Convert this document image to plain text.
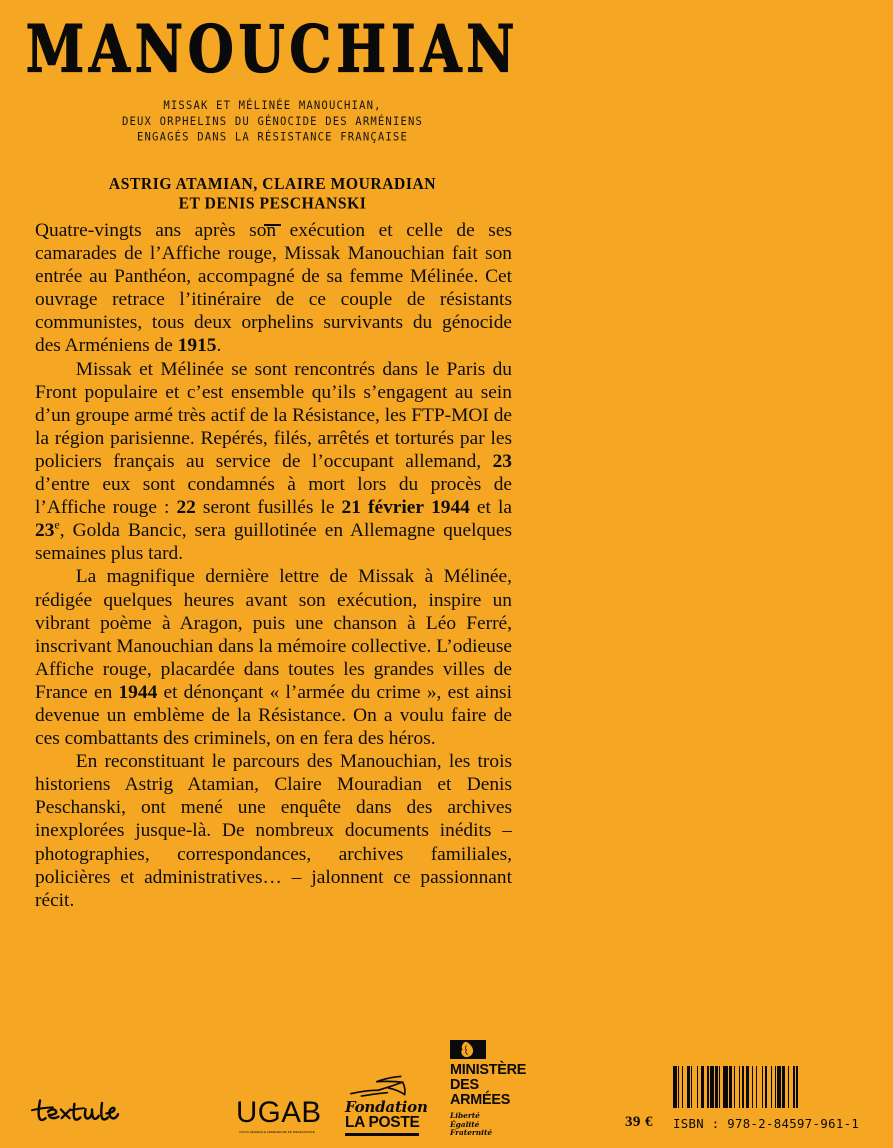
MANOUCHIAN
MISSAK ET MÉLINÉE MANOUCHIAN,
DEUX ORPHELINS DU GÉNOCIDE DES ARMÉNIENS
ENGAGÉS DANS LA RÉSISTANCE FRANÇAISE
ASTRIG ATAMIAN, CLAIRE MOURADIAN
ET DENIS PESCHANSKI

Quatre-vingts ans après son exécution et celle de ses camarades de l’Affiche rouge, Missak Manouchian fait son entrée au Panthéon, accompagné de sa femme Mélinée. Cet ouvrage retrace l’itinéraire de ce couple de résistants communistes, tous deux orphelins survivants du génocide des Arméniens de 1915.

Missak et Mélinée se sont rencontrés dans le Paris du Front populaire et c’est ensemble qu’ils s’engagent au sein d’un groupe armé très actif de la Résistance, les FTP-MOI de la région parisienne. Repérés, filés, arrêtés et torturés par les policiers français au service de l’occupant allemand, 23 d’entre eux sont condamnés à mort lors du procès de l’Affiche rouge : 22 seront fusillés le 21 février 1944 et la 23e, Golda Bancic, sera guillotinée en Allemagne quelques semaines plus tard.

La magnifique dernière lettre de Missak à Mélinée, rédigée quelques heures avant son exécution, inspire un vibrant poème à Aragon, puis une chanson à Léo Ferré, inscrivant Manouchian dans la mémoire collective. L’odieuse Affiche rouge, placardée dans toutes les grandes villes de France en 1944 et dénonçant « l’armée du crime », est ainsi devenue un emblème de la Résistance. On a voulu faire de ces combattants des criminels, on en fera des héros.

En reconstituant le parcours des Manouchian, les trois historiens Astrig Atamian, Claire Mouradian et Denis Peschanski, ont mené une enquête dans des archives inexplorées jusque-là. De nombreux documents inédits – photographies, correspondances, archives familiales, policières et administratives… – jalonnent ce passionnant récit.

UGAB
UNION GÉNÉRALE ARMÉNIENNE DE BIENFAISANCE
Fondation
LA POSTE
MINISTÈRE
DES ARMÉES
Liberté
Égalité
Fraternité
39 € ISBN : 978-2-84597-961-1
